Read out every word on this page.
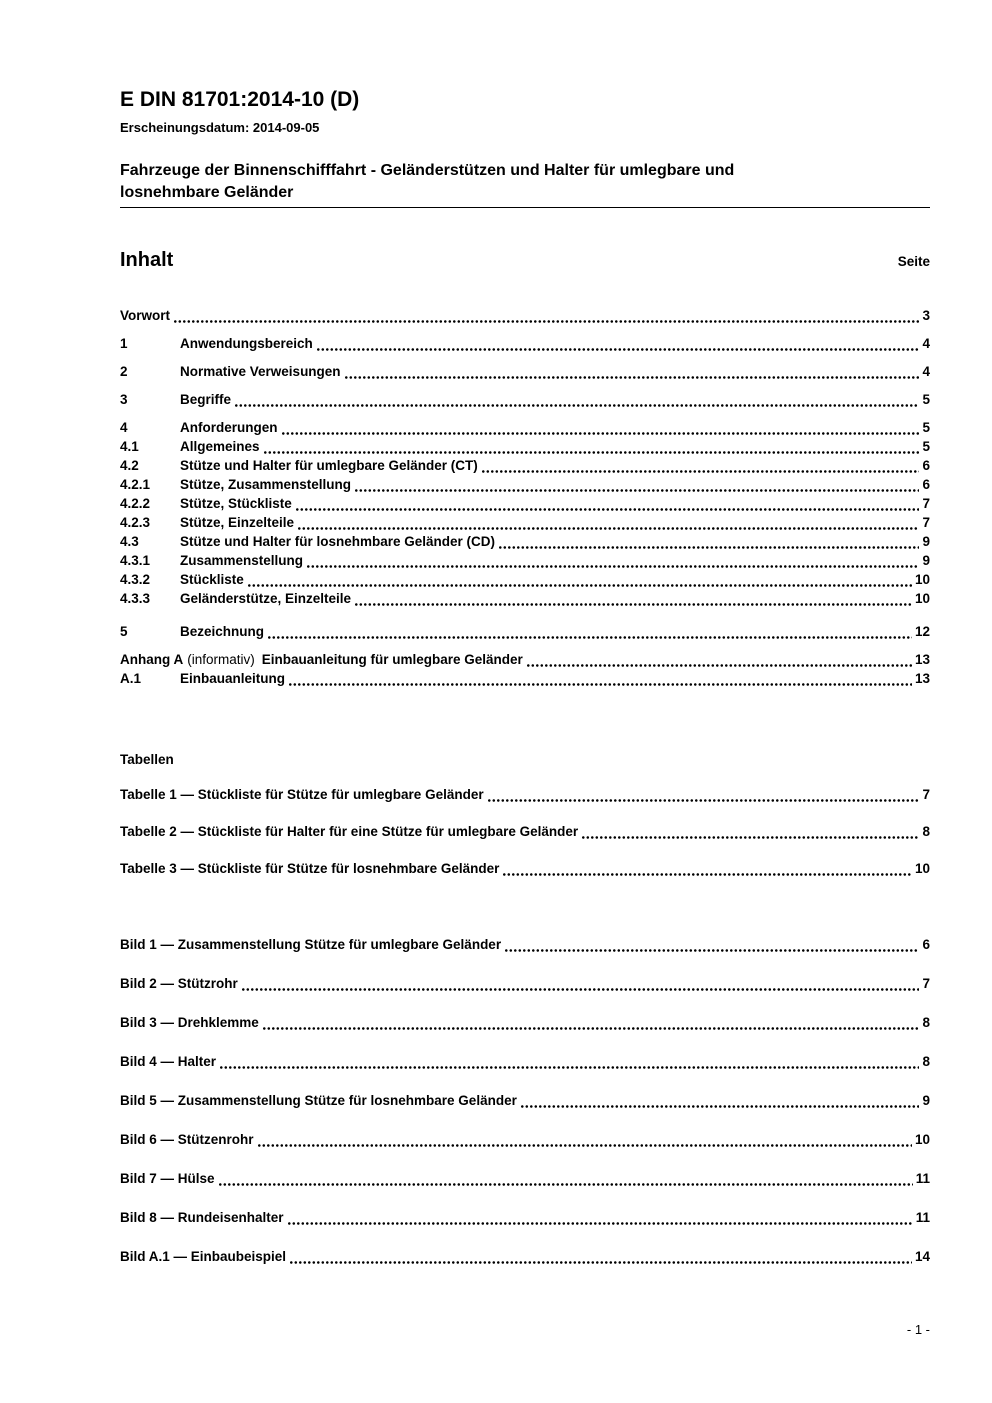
E DIN 81701:2014-10 (D)
Erscheinungsdatum: 2014-09-05
Fahrzeuge der Binnenschifffahrt - Geländerstützen und Halter für umlegbare und
losnehmbare Geländer
Inhalt	Seite
Vorwort	3
1	Anwendungsbereich	4
2	Normative Verweisungen	4
3	Begriffe	5
4	Anforderungen	5
4.1	Allgemeines	5
4.2	Stütze und Halter für umlegbare Geländer (CT)	6
4.2.1	Stütze, Zusammenstellung	6
4.2.2	Stütze, Stückliste	7
4.2.3	Stütze, Einzelteile	7
4.3	Stütze und Halter für losnehmbare Geländer (CD)	9
4.3.1	Zusammenstellung	9
4.3.2	Stückliste	10
4.3.3	Geländerstütze, Einzelteile	10
5	Bezeichnung	12
Anhang A (informativ) Einbauanleitung für umlegbare Geländer	13
A.1	Einbauanleitung	13
Tabellen
Tabelle 1 — Stückliste für Stütze für umlegbare Geländer	7
Tabelle 2 — Stückliste für Halter für eine Stütze für umlegbare Geländer	8
Tabelle 3 — Stückliste für Stütze für losnehmbare Geländer	10
Bild 1 — Zusammenstellung Stütze für umlegbare Geländer	6
Bild 2 — Stützrohr	7
Bild 3 — Drehklemme	8
Bild 4 — Halter	8
Bild 5 — Zusammenstellung Stütze für losnehmbare Geländer	9
Bild 6 — Stützenrohr	10
Bild 7 — Hülse	11
Bild 8 — Rundeisenhalter	11
Bild A.1 — Einbaubeispiel	14
- 1 -
